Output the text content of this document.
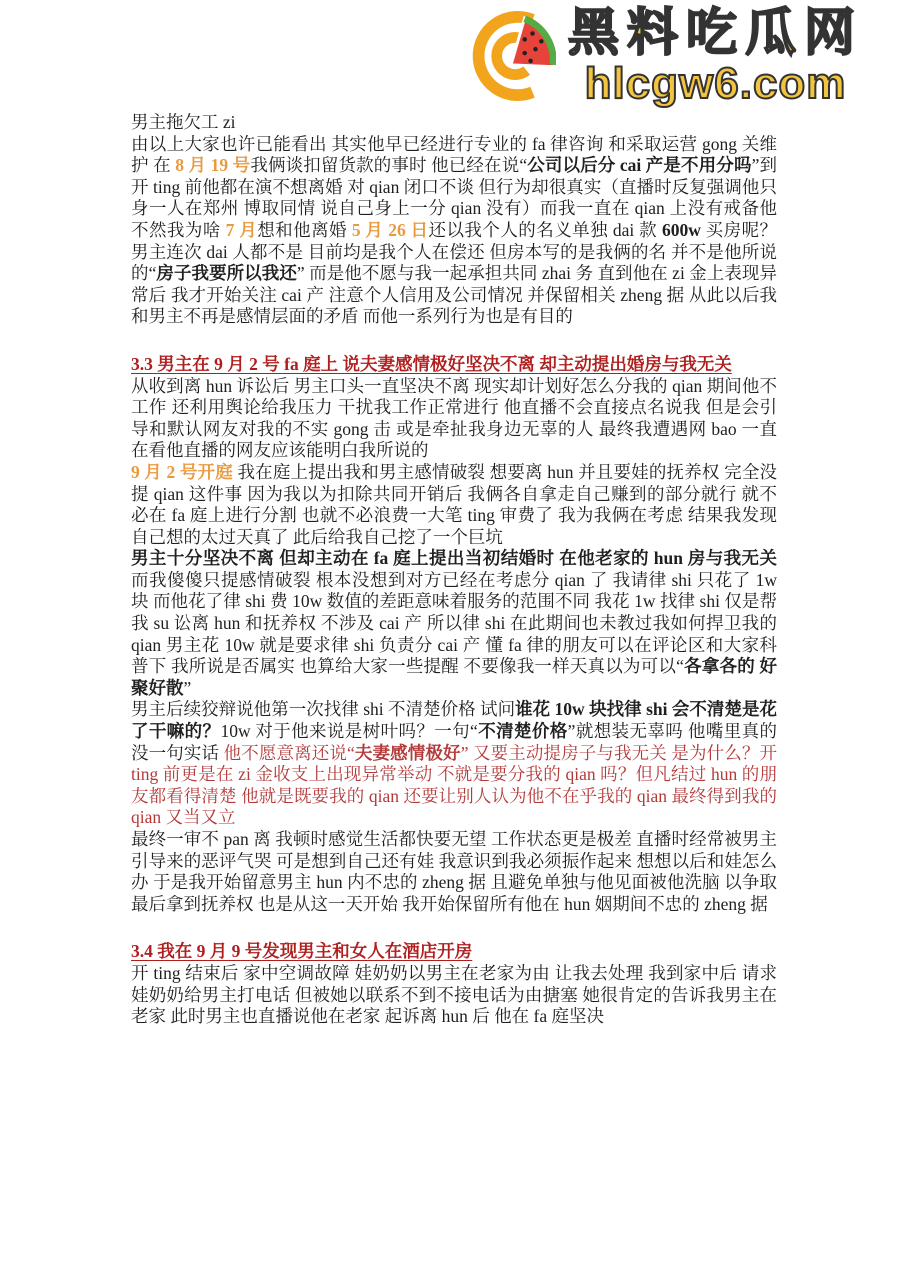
黑料吃瓜网
hlcgw6.com

男主拖欠工 zi

由以上大家也许已能看出 其实他早已经进行专业的 fa 律咨询 和采取运营 gong 关维护 在 8 月 19 号我俩谈扣留货款的事时 他已经在说“公司以后分 cai 产是不用分吗”到开 ting 前他都在演不想离婚 对 qian 闭口不谈 但行为却很真实（直播时反复强调他只身一人在郑州 博取同情 说自己身上一分 qian 没有）而我一直在 qian 上没有戒备他 不然我为啥 7 月想和他离婚 5 月 26 日还以我个人的名义单独 dai 款 600w 买房呢？男主连次 dai 人都不是 目前均是我个人在偿还 但房本写的是我俩的名 并不是他所说的“房子我要所以我还” 而是他不愿与我一起承担共同 zhai 务 直到他在 zi 金上表现异常后 我才开始关注 cai 产 注意个人信用及公司情况 并保留相关 zheng 据 从此以后我和男主不再是感情层面的矛盾 而他一系列行为也是有目的

3.3 男主在 9 月 2 号 fa 庭上 说夫妻感情极好坚决不离 却主动提出婚房与我无关

从收到离 hun 诉讼后 男主口头一直坚决不离 现实却计划好怎么分我的 qian 期间他不工作 还利用舆论给我压力 干扰我工作正常进行 他直播不会直接点名说我 但是会引导和默认网友对我的不实 gong 击 或是牵扯我身边无辜的人 最终我遭遇网 bao 一直在看他直播的网友应该能明白我所说的

9 月 2 号开庭 我在庭上提出我和男主感情破裂 想要离 hun 并且要娃的抚养权 完全没提 qian 这件事 因为我以为扣除共同开销后 我俩各自拿走自己赚到的部分就行 就不必在 fa 庭上进行分割 也就不必浪费一大笔 ting 审费了 我为我俩在考虑 结果我发现自己想的太过天真了 此后给我自己挖了一个巨坑

男主十分坚决不离 但却主动在 fa 庭上提出当初结婚时 在他老家的 hun 房与我无关 而我傻傻只提感情破裂 根本没想到对方已经在考虑分 qian 了 我请律 shi 只花了 1w 块 而他花了律 shi 费 10w 数值的差距意味着服务的范围不同 我花 1w 找律 shi 仅是帮我 su 讼离 hun 和抚养权 不涉及 cai 产 所以律 shi 在此期间也未教过我如何捍卫我的 qian 男主花 10w 就是要求律 shi 负责分 cai 产 懂 fa 律的朋友可以在评论区和大家科普下 我所说是否属实 也算给大家一些提醒 不要像我一样天真以为可以“各拿各的 好聚好散”

男主后续狡辩说他第一次找律 shi 不清楚价格 试问谁花 10w 块找律 shi 会不清楚是花了干嘛的？10w 对于他来说是树叶吗？一句“不清楚价格”就想装无辜吗 他嘴里真的没一句实话 他不愿意离还说“夫妻感情极好” 又要主动提房子与我无关 是为什么？开 ting 前更是在 zi 金收支上出现异常举动 不就是要分我的 qian 吗？但凡结过 hun 的朋友都看得清楚 他就是既要我的 qian 还要让别人认为他不在乎我的 qian 最终得到我的 qian 又当又立

最终一审不 pan 离 我顿时感觉生活都快要无望 工作状态更是极差 直播时经常被男主引导来的恶评气哭 可是想到自己还有娃 我意识到我必须振作起来 想想以后和娃怎么办 于是我开始留意男主 hun 内不忠的 zheng 据 且避免单独与他见面被他洗脑 以争取最后拿到抚养权 也是从这一天开始 我开始保留所有他在 hun 姻期间不忠的 zheng 据

3.4 我在 9 月 9 号发现男主和女人在酒店开房

开 ting 结束后 家中空调故障 娃奶奶以男主在老家为由 让我去处理 我到家中后 请求娃奶奶给男主打电话 但被她以联系不到不接电话为由搪塞 她很肯定的告诉我男主在老家 此时男主也直播说他在老家 起诉离 hun 后 他在 fa 庭坚决
